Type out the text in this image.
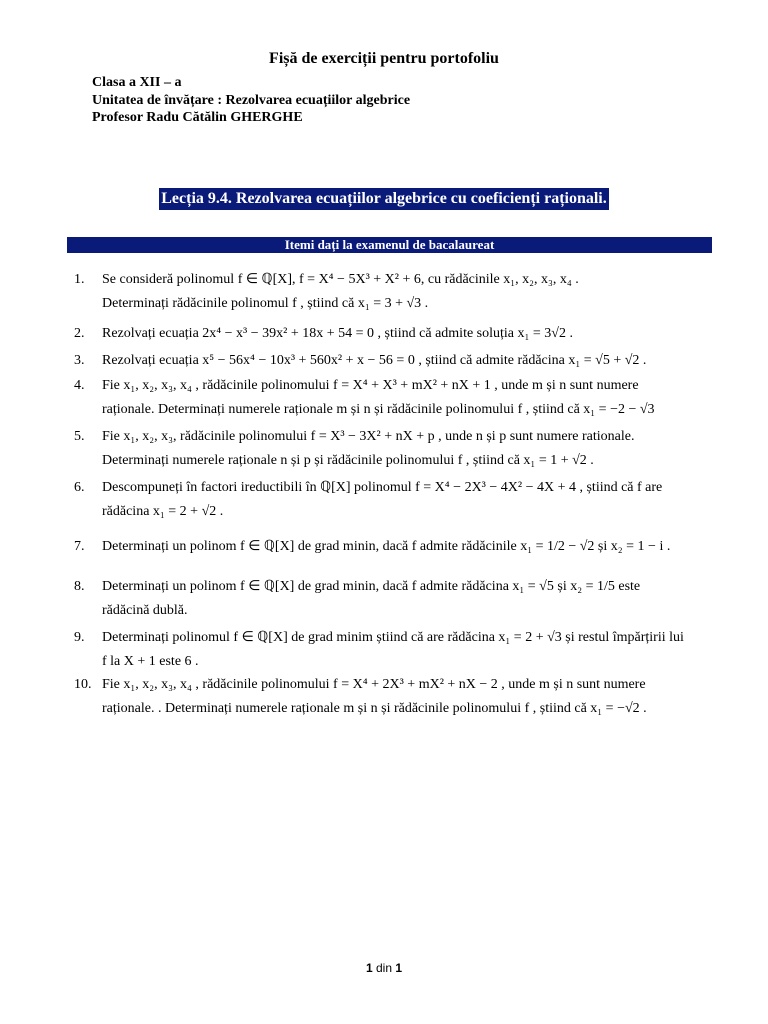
Fișă de exerciții pentru portofoliu
Clasa a XII – a
Unitatea de învățare : Rezolvarea ecuațiilor algebrice
Profesor Radu Cătălin GHERGHE
Lecția 9.4. Rezolvarea ecuațiilor algebrice cu coeficienți raționali.
Itemi dați la examenul de bacalaureat
1.	Se consideră polinomul f ∈ ℚ[X], f = X⁴ − 5X³ + X² + 6, cu rădăcinile x₁, x₂, x₃, x₄ .
Determinați rădăcinile polinomul f , știind că x₁ = 3 + √3 .
2.	Rezolvați ecuația 2x⁴ − x³ − 39x² + 18x + 54 = 0 , știind că admite soluția x₁ = 3√2 .
3.	Rezolvați ecuația x⁵ − 56x⁴ − 10x³ + 560x² + x − 56 = 0 , știind că admite rădăcina x₁ = √5 + √2 .
4.	Fie x₁, x₂, x₃, x₄ , rădăcinile polinomului f = X⁴ + X³ + mX² + nX + 1 , unde m și n sunt numere
raționale. Determinați numerele raționale m și n și rădăcinile polinomului f , știind că x₁ = −2 − √3
5.	Fie x₁, x₂, x₃, rădăcinile polinomului f = X³ − 3X² + nX + p , unde n și p sunt numere rationale.
Determinați numerele raționale n și p și rădăcinile polinomului f , știind că x₁ = 1 + √2 .
6.	Descompuneți în factori ireductibili în ℚ[X] polinomul f = X⁴ − 2X³ − 4X² − 4X + 4 , știind că f are
rădăcina x₁ = 2 + √2 .
7.	Determinați un polinom f ∈ ℚ[X] de grad minin, dacă f admite rădăcinile x₁ = 1/2 − √2 și x₂ = 1 − i .
8.	Determinați un polinom f ∈ ℚ[X] de grad minin, dacă f admite rădăcina x₁ = √5 și x₂ = 1/5 este
rădăcină dublă.
9.	Determinați polinomul f ∈ ℚ[X] de grad minim știind că are rădăcina x₁ = 2 + √3 și restul împărțirii lui
f la X + 1 este 6 .
10. Fie x₁, x₂, x₃, x₄ , rădăcinile polinomului f = X⁴ + 2X³ + mX² + nX − 2 , unde m și n sunt numere
raționale. . Determinați numerele raționale m și n și rădăcinile polinomului f , știind că x₁ = −√2 .
1 din 1
